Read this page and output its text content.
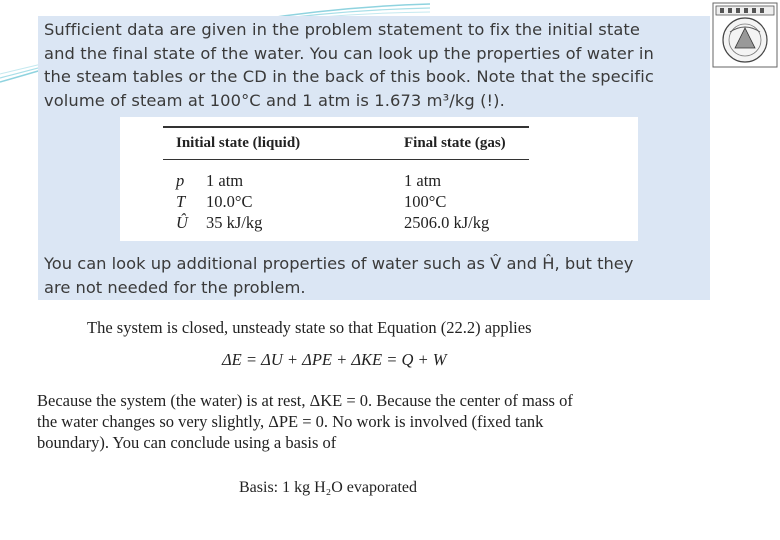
Sufficient data are given in the problem statement to fix the initial state
and the final state of the water. You can look up the properties of water in
the steam tables or the CD in the back of this book. Note that the specific
volume of steam at 100°C and 1 atm is 1.673 m³/kg (!).
Initial state (liquid)	Final state (gas)
p 1 atm	1 atm
T 10.0°C	100°C
Û 35 kJ/kg	2506.0 kJ/kg
You can look up additional properties of water such as V̂ and Ĥ, but they
are not needed for the problem.
The system is closed, unsteady state so that Equation (22.2) applies
ΔE = ΔU + ΔPE + ΔKE = Q + W
Because the system (the water) is at rest, ΔKE = 0. Because the center of mass of
the water changes so very slightly, ΔPE = 0. No work is involved (fixed tank
boundary). You can conclude using a basis of
Basis: 1 kg H₂O evaporated
